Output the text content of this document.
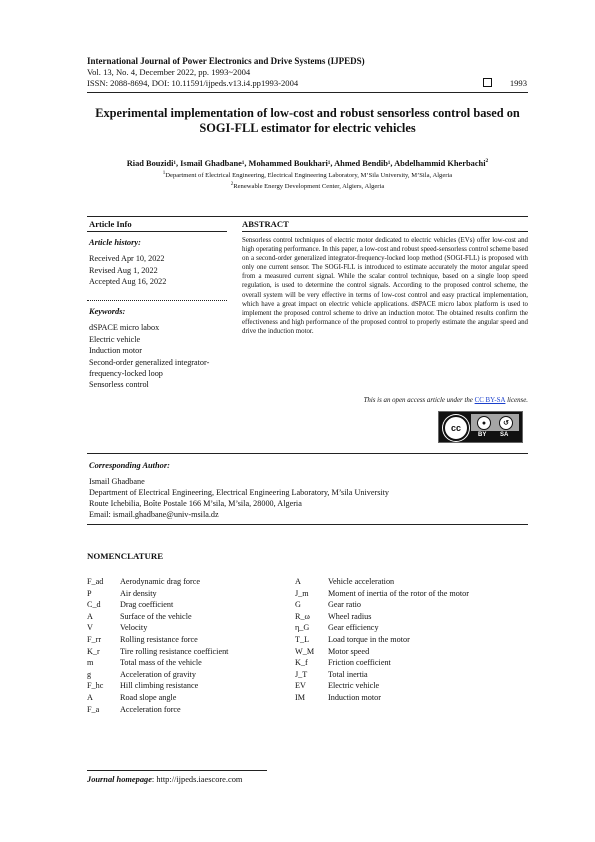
International Journal of Power Electronics and Drive Systems (IJPEDS)
Vol. 13, No. 4, December 2022, pp. 1993~2004
ISSN: 2088-8694, DOI: 10.11591/ijpeds.v13.i4.pp1993-2004	1993
Experimental implementation of low-cost and robust sensorless control based on SOGI-FLL estimator for electric vehicles
Riad Bouzidi¹, Ismail Ghadbane¹, Mohammed Boukhari¹, Ahmed Bendib¹, Abdelhammid Kherbachi$^2$
$^1$Department of Electrical Engineering, Electrical Engineering Laboratory, M’Sila University, M’Sila, Algeria
$^2$Renewable Energy Development Center, Algiers, Algeria
Article Info	ABSTRACT
Article history:
Received Apr 10, 2022
Revised Aug 1, 2022
Accepted Aug 16, 2022
Keywords:
dSPACE micro labox
Electric vehicle
Induction motor
Second-order generalized integrator-frequency-locked loop
Sensorless control
Sensorless control techniques of electric motor dedicated to electric vehicles (EVs) offer low-cost and high operating performance. In this paper, a low-cost and robust speed-sensorless control scheme based on a second-order generalized integrator-frequency-locked loop method (SOGI-FLL) is proposed with only one current sensor. The SOGI-FLL is introduced to estimate accurately the motor angular speed from a measured current signal. While the scalar control technique, based on a single loop speed regulation, is used to determine the control signals. According to the proposed control scheme, the overall system will be very effective in terms of low-cost control and easy practical implementation, which have a great impact on electric vehicle applications. dSPACE micro labox platform is used to implement the proposed control scheme to drive an induction motor. The obtained results confirm the effectiveness and high performance of the proposed control to properly estimate the angular speed and drive the induction motor.
This is an open access article under the CC BY-SA license.
cc	●	↺
BY SA
Corresponding Author:
Ismail Ghadbane
Department of Electrical Engineering, Electrical Engineering Laboratory, M’sila University
Route Ichebilia, Boîte Postale 166 M’sila, M’sila, 28000, Algeria
Email: ismail.ghadbane@univ-msila.dz
NOMENCLATURE
F_ad	Aerodynamic drag force
P	Air density
C_d	Drag coefficient
A	Surface of the vehicle
V	Velocity
F_rr	Rolling resistance force
K_r	Tire rolling resistance coefficient
m	Total mass of the vehicle
g	Acceleration of gravity
F_hc	Hill climbing resistance
A	Road slope angle
F_a	Acceleration force
A	Vehicle acceleration
J_m	Moment of inertia of the rotor of the motor
G	Gear ratio
R_ω	Wheel radius
η_G	Gear efficiency
T_L	Load torque in the motor
W_M	Motor speed
K_f	Friction coefficient
J_T	Total inertia
EV	Electric vehicle
IM	Induction motor
Journal homepage: http://ijpeds.iaescore.com
